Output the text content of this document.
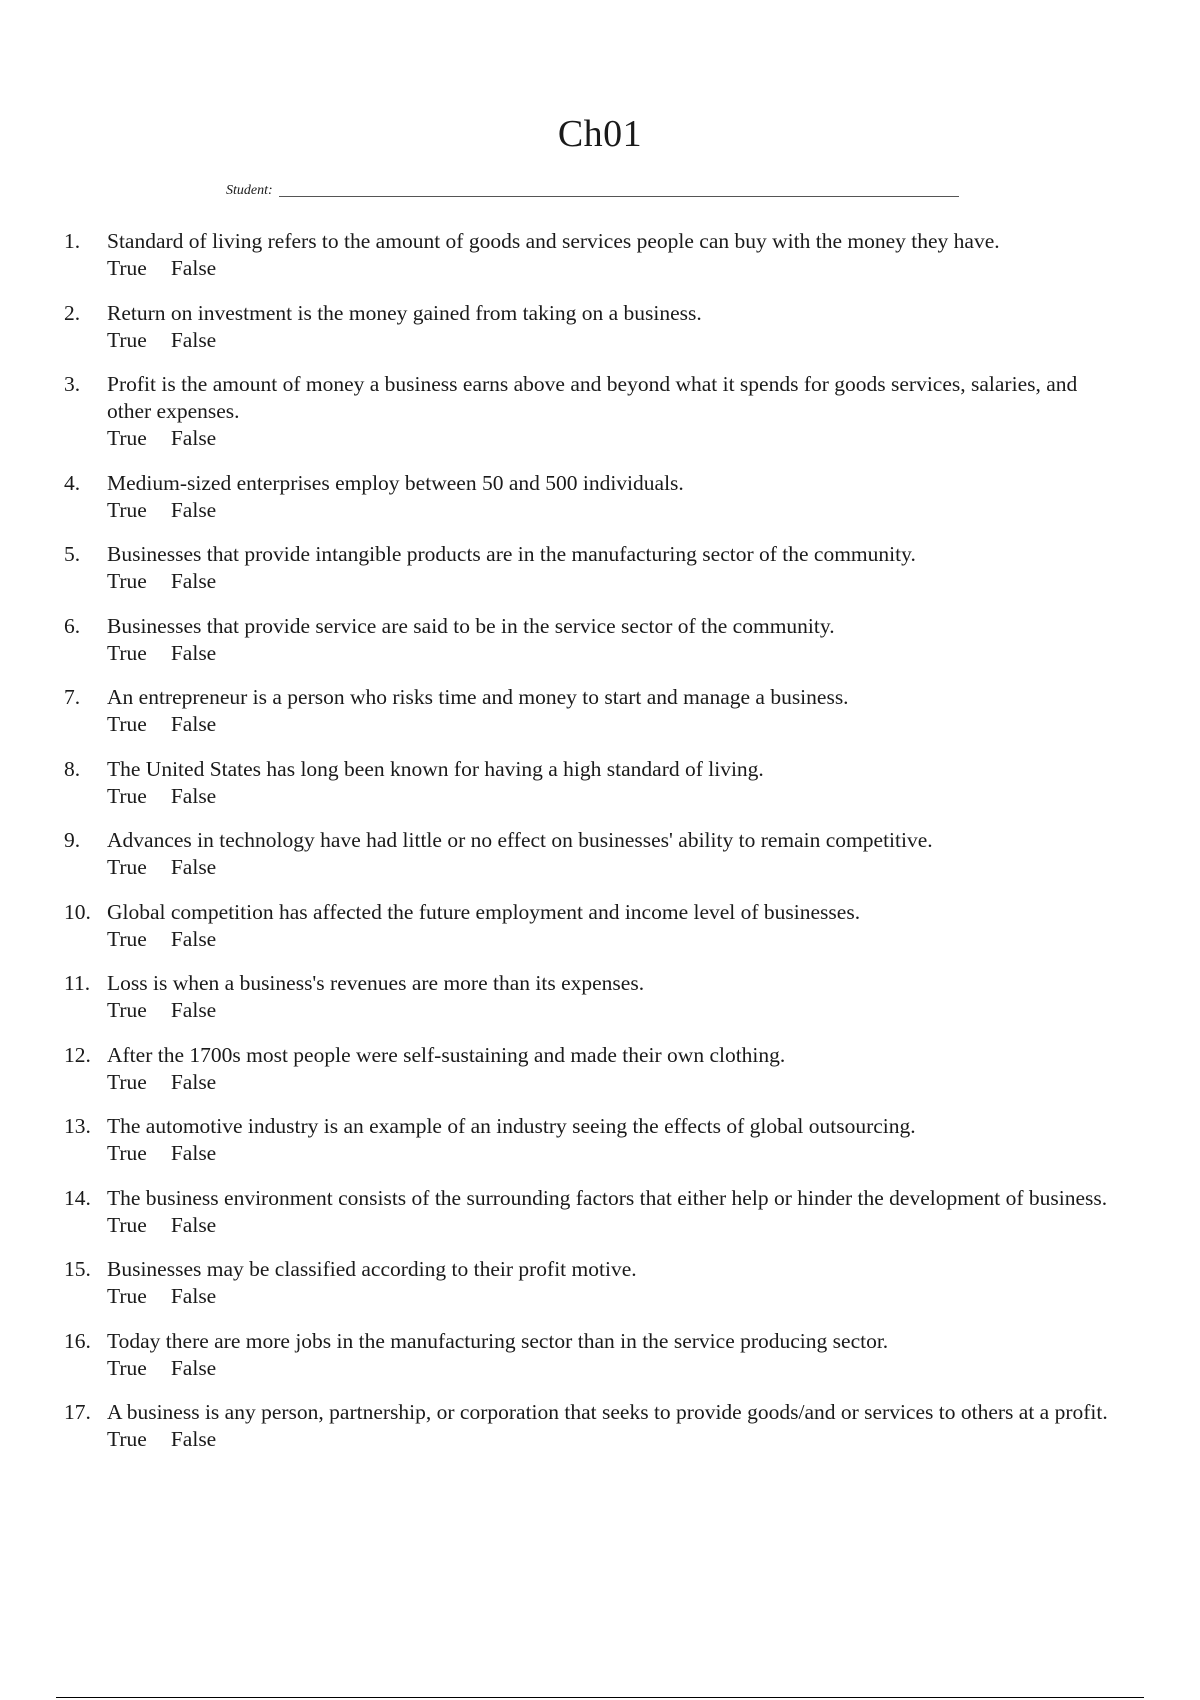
Ch01
Student:
1.	Standard of living refers to the amount of goods and services people can buy with the money they have.
True False
2.	Return on investment is the money gained from taking on a business.
True False
3.	Profit is the amount of money a business earns above and beyond what it spends for goods services, salaries, and other expenses.
True False
4.	Medium-sized enterprises employ between 50 and 500 individuals.
True False
5.	Businesses that provide intangible products are in the manufacturing sector of the community.
True False
6.	Businesses that provide service are said to be in the service sector of the community.
True False
7.	An entrepreneur is a person who risks time and money to start and manage a business.
True False
8.	The United States has long been known for having a high standard of living.
True False
9.	Advances in technology have had little or no effect on businesses' ability to remain competitive.
True False
10. Global competition has affected the future employment and income level of businesses.
True False
11. Loss is when a business's revenues are more than its expenses.
True False
12. After the 1700s most people were self-sustaining and made their own clothing.
True False
13. The automotive industry is an example of an industry seeing the effects of global outsourcing.
True False
14. The business environment consists of the surrounding factors that either help or hinder the development of business.
True False
15. Businesses may be classified according to their profit motive.
True False
16. Today there are more jobs in the manufacturing sector than in the service producing sector.
True False
17. A business is any person, partnership, or corporation that seeks to provide goods/and or services to others at a profit.
True False
